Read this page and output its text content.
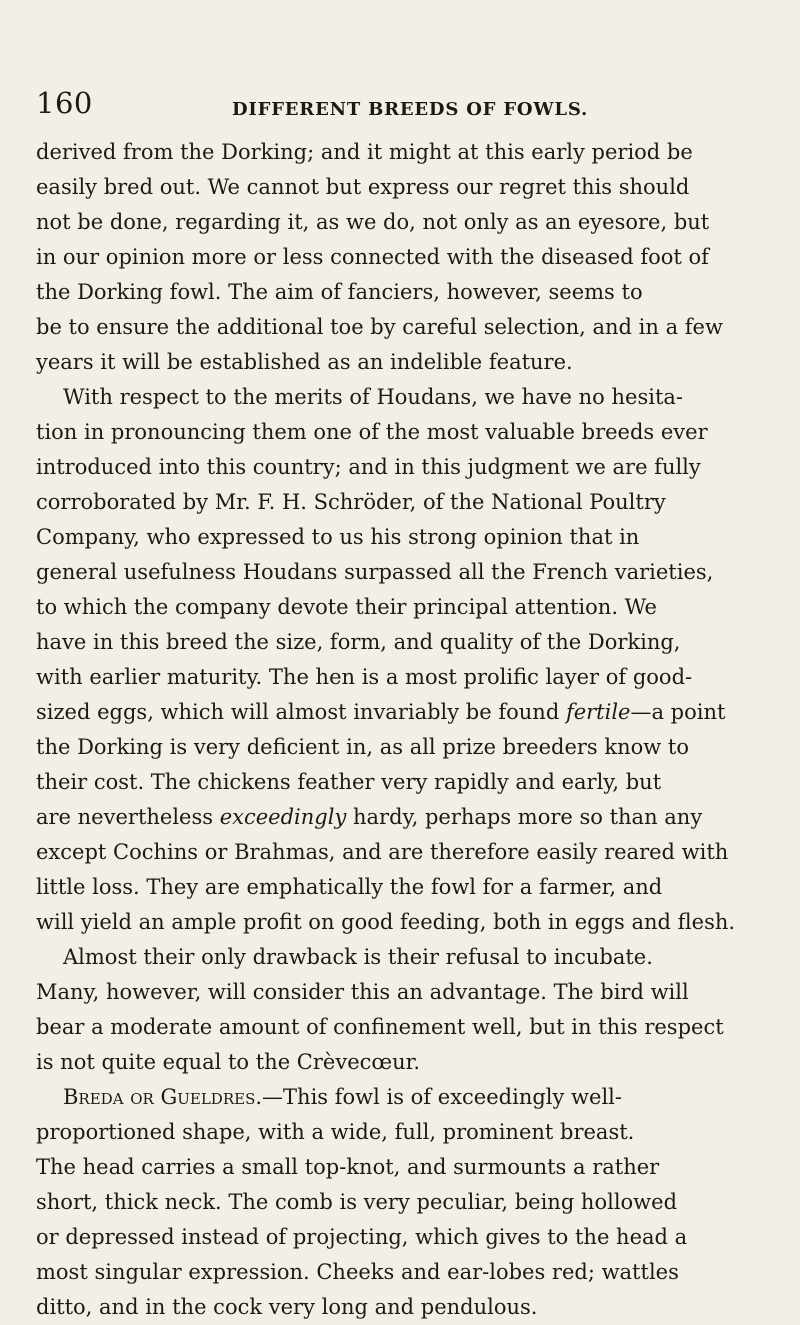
160	DIFFERENT BREEDS OF FOWLS.
derived from the Dorking; and it might at this early period be
easily bred out. We cannot but express our regret this should
not be done, regarding it, as we do, not only as an eyesore, but
in our opinion more or less connected with the diseased foot of
the Dorking fowl. The aim of fanciers, however, seems to
be to ensure the additional toe by careful selection, and in a few
years it will be established as an indelible feature.
With respect to the merits of Houdans, we have no hesita-
tion in pronouncing them one of the most valuable breeds ever
introduced into this country; and in this judgment we are fully
corroborated by Mr. F. H. Schröder, of the National Poultry
Company, who expressed to us his strong opinion that in
general usefulness Houdans surpassed all the French varieties,
to which the company devote their principal attention. We
have in this breed the size, form, and quality of the Dorking,
with earlier maturity. The hen is a most prolific layer of good-
sized eggs, which will almost invariably be found fertile—a point
the Dorking is very deficient in, as all prize breeders know to
their cost. The chickens feather very rapidly and early, but
are nevertheless exceedingly hardy, perhaps more so than any
except Cochins or Brahmas, and are therefore easily reared with
little loss. They are emphatically the fowl for a farmer, and
will yield an ample profit on good feeding, both in eggs and flesh.
Almost their only drawback is their refusal to incubate.
Many, however, will consider this an advantage. The bird will
bear a moderate amount of confinement well, but in this respect
is not quite equal to the Crèvecœur.
Breda or Gueldres.—This fowl is of exceedingly well-
proportioned shape, with a wide, full, prominent breast.
The head carries a small top-knot, and surmounts a rather
short, thick neck. The comb is very peculiar, being hollowed
or depressed instead of projecting, which gives to the head a
most singular expression. Cheeks and ear-lobes red; wattles
ditto, and in the cock very long and pendulous.
